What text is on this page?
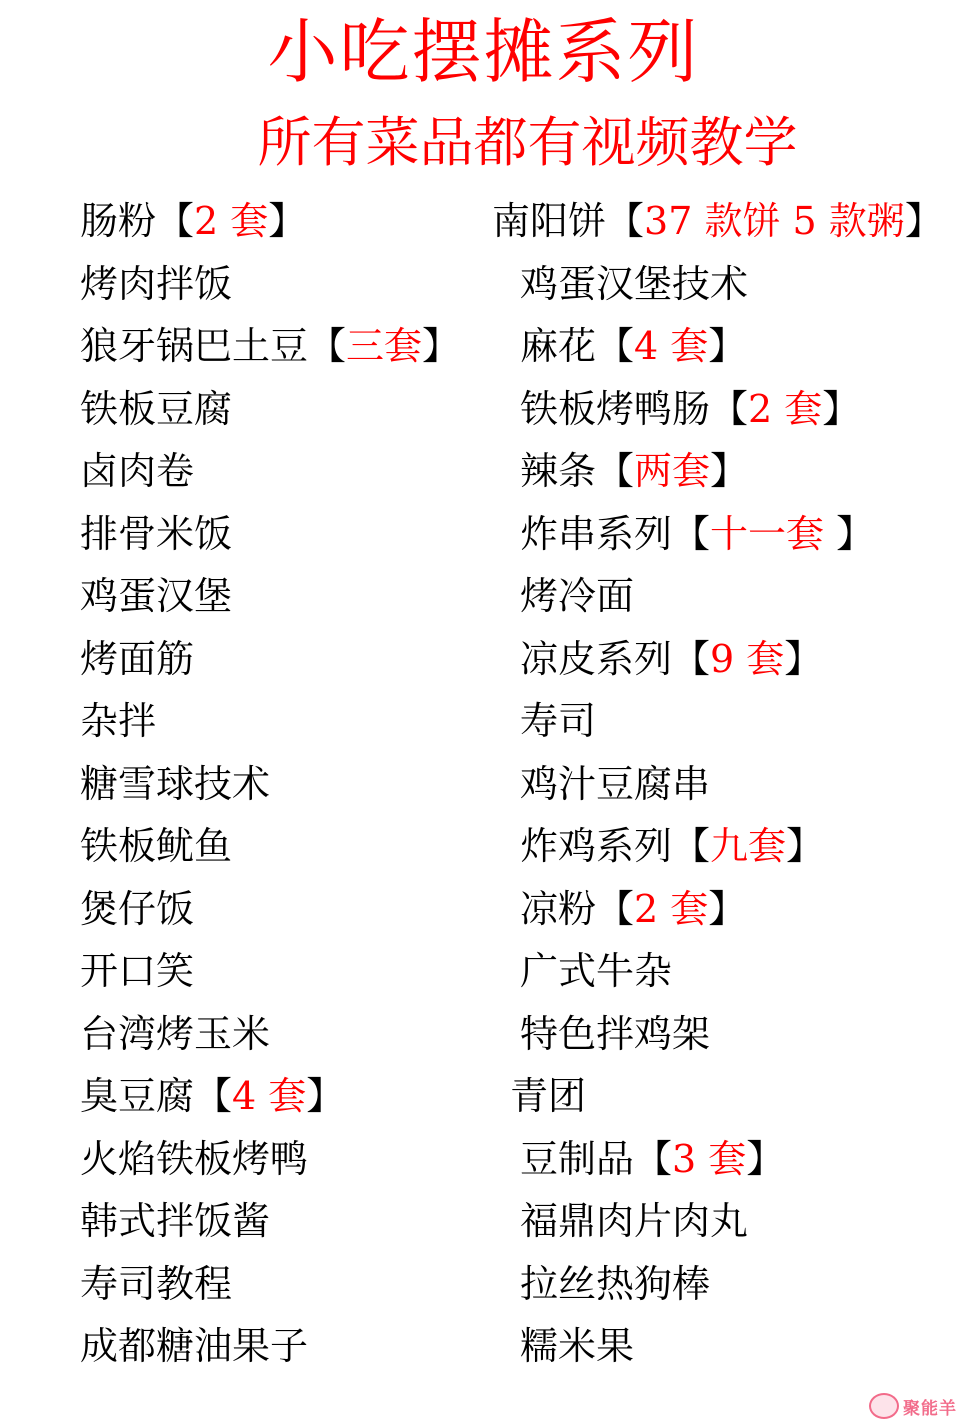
小吃摆摊系列
所有菜品都有视频教学
肠粉【2 套】
烤肉拌饭
狼牙锅巴土豆【三套】
铁板豆腐
卤肉卷
排骨米饭
鸡蛋汉堡
烤面筋
杂拌
糖雪球技术
铁板鱿鱼
煲仔饭
开口笑
台湾烤玉米
臭豆腐【4 套】
火焰铁板烤鸭
韩式拌饭酱
寿司教程
成都糖油果子
南阳饼【37 款饼 5 款粥】
鸡蛋汉堡技术
麻花【4 套】
铁板烤鸭肠【2 套】
辣条【两套】
炸串系列【十一套 】
烤冷面
凉皮系列【9 套】
寿司
鸡汁豆腐串
炸鸡系列【九套】
凉粉【2 套】
广式牛杂
特色拌鸡架
青团
豆制品【3 套】
福鼎肉片肉丸
拉丝热狗棒
糯米果
聚能羊
